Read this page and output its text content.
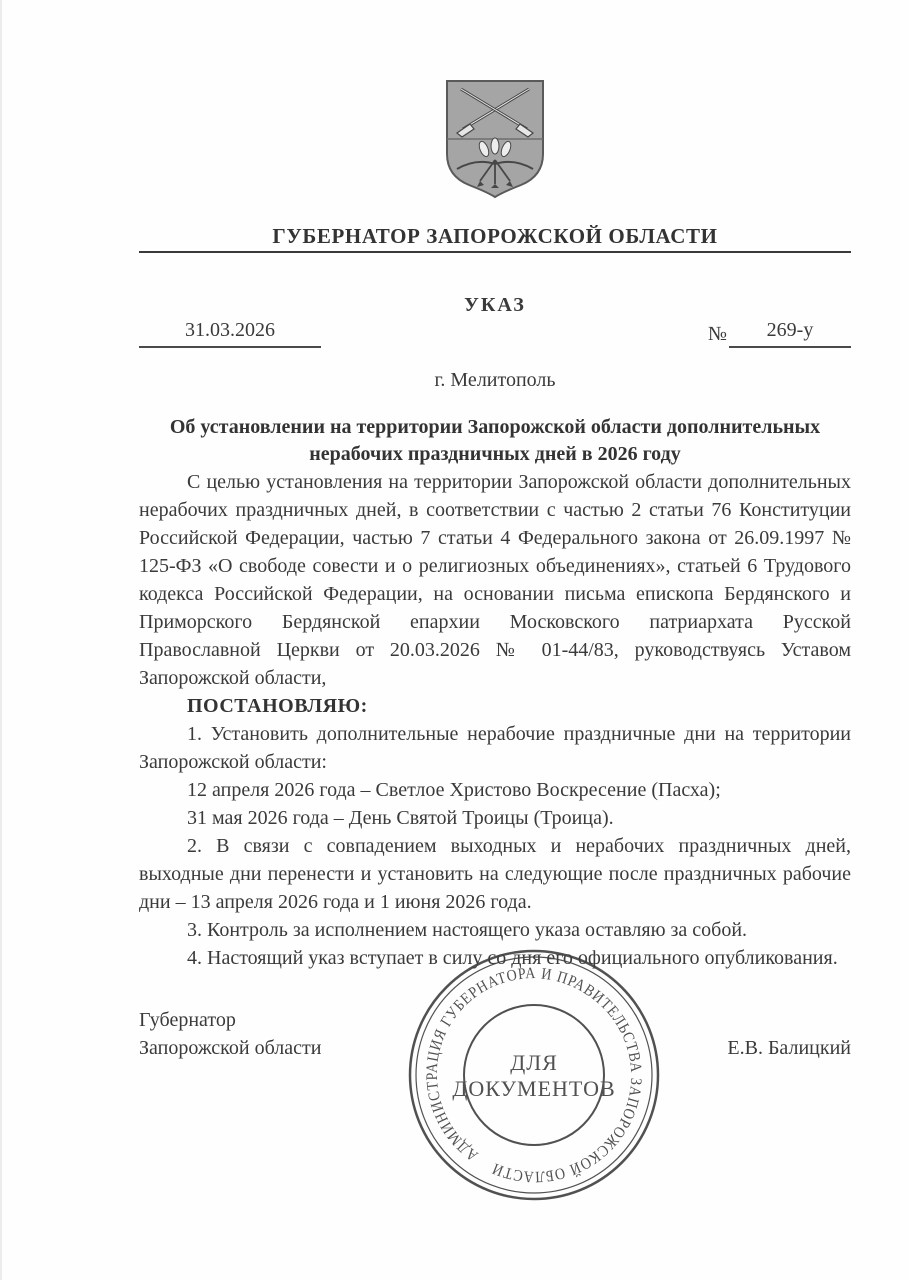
ГУБЕРНАТОР ЗАПОРОЖСКОЙ ОБЛАСТИ
УКАЗ
31.03.2026	№	269-у
г. Мелитополь
Об установлении на территории Запорожской области дополнительных нерабочих праздничных дней в 2026 году

С целью установления на территории Запорожской области дополнительных нерабочих праздничных дней, в соответствии с частью 2 статьи 76 Конституции Российской Федерации, частью 7 статьи 4 Федерального закона от 26.09.1997 № 125-ФЗ «О свободе совести и о религиозных объединениях», статьей 6 Трудового кодекса Российской Федерации, на основании письма епископа Бердянского и Приморского Бердянской епархии Московского патриархата Русской Православной Церкви от 20.03.2026 № 01-44/83, руководствуясь Уставом Запорожской области,

ПОСТАНОВЛЯЮ:

1. Установить дополнительные нерабочие праздничные дни на территории Запорожской области:

12 апреля 2026 года – Светлое Христово Воскресение (Пасха);

31 мая 2026 года – День Святой Троицы (Троица).

2. В связи с совпадением выходных и нерабочих праздничных дней, выходные дни перенести и установить на следующие после праздничных рабочие дни – 13 апреля 2026 года и 1 июня 2026 года.

3. Контроль за исполнением настоящего указа оставляю за собой.

4. Настоящий указ вступает в силу со дня его официального опубликования.

Губернатор
Запорожской области	Е.В. Балицкий
АДМИНИСТРАЦИЯ ГУБЕРНАТОРА И ПРАВИТЕЛЬСТВА ЗАПОРОЖСКОЙ ОБЛАСТИ
ДЛЯ
ДОКУМЕНТОВ
